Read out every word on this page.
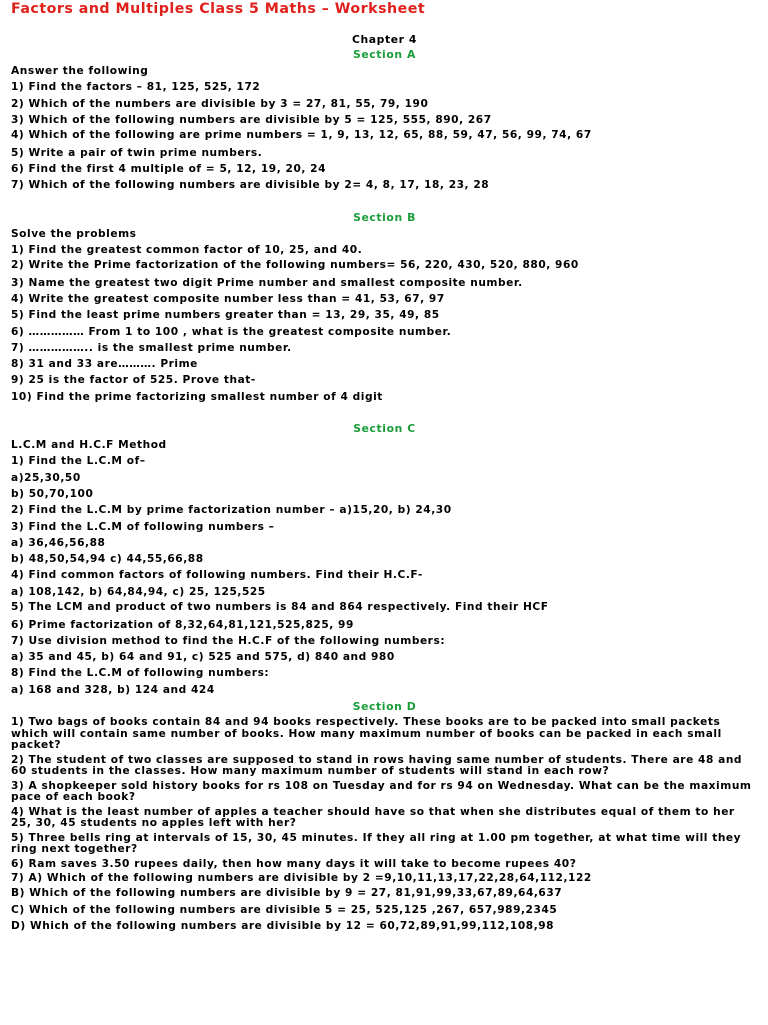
Factors and Multiples Class 5 Maths – Worksheet
Chapter 4
Section A
Answer the following
1) Find the factors – 81, 125, 525, 172
2) Which of the numbers are divisible by 3 = 27, 81, 55, 79, 190
3) Which of the following numbers are divisible by 5 = 125, 555, 890, 267
4) Which of the following are prime numbers = 1, 9, 13, 12, 65, 88, 59, 47, 56, 99, 74, 67
5) Write a pair of twin prime numbers.
6) Find the first 4 multiple of = 5, 12, 19, 20, 24
7) Which of the following numbers are divisible by 2= 4, 8, 17, 18, 23, 28
Section B
Solve the problems
1) Find the greatest common factor of 10, 25, and 40.
2) Write the Prime factorization of the following numbers= 56, 220, 430, 520, 880, 960
3) Name the greatest two digit Prime number and smallest composite number.
4) Write the greatest composite number less than = 41, 53, 67, 97
5) Find the least prime numbers greater than = 13, 29, 35, 49, 85
6) …………… From 1 to 100 , what is the greatest composite number.
7) …………….. is the smallest prime number.
8) 31 and 33 are………. Prime
9) 25 is the factor of 525. Prove that-
10) Find the prime factorizing smallest number of 4 digit
Section C
L.C.M and H.C.F Method
1) Find the L.C.M of–
a)25,30,50
b) 50,70,100
2) Find the L.C.M by prime factorization number – a)15,20, b) 24,30
3) Find the L.C.M of following numbers –
a) 36,46,56,88
b) 48,50,54,94 c) 44,55,66,88
4) Find common factors of following numbers. Find their H.C.F-
a) 108,142, b) 64,84,94, c) 25, 125,525
5) The LCM and product of two numbers is 84 and 864 respectively. Find their HCF
6) Prime factorization of 8,32,64,81,121,525,825, 99
7) Use division method to find the H.C.F of the following numbers:
a) 35 and 45, b) 64 and 91, c) 525 and 575, d) 840 and 980
8) Find the L.C.M of following numbers:
a) 168 and 328, b) 124 and 424
Section D
1) Two bags of books contain 84 and 94 books respectively. These books are to be packed into small packets which will contain same number of books. How many maximum number of books can be packed in each small packet?
2) The student of two classes are supposed to stand in rows having same number of students. There are 48 and 60 students in the classes. How many maximum number of students will stand in each row?
3) A shopkeeper sold history books for rs 108 on Tuesday and for rs 94 on Wednesday. What can be the maximum pace of each book?
4) What is the least number of apples a teacher should have so that when she distributes equal of them to her 25, 30, 45 students no apples left with her?
5) Three bells ring at intervals of 15, 30, 45 minutes. If they all ring at 1.00 pm together, at what time will they ring next together?
6) Ram saves 3.50 rupees daily, then how many days it will take to become rupees 40?
7) A) Which of the following numbers are divisible by 2 =9,10,11,13,17,22,28,64,112,122
B) Which of the following numbers are divisible by 9 = 27, 81,91,99,33,67,89,64,637
C) Which of the following numbers are divisible 5 = 25, 525,125 ,267, 657,989,2345
D) Which of the following numbers are divisible by 12 = 60,72,89,91,99,112,108,98
